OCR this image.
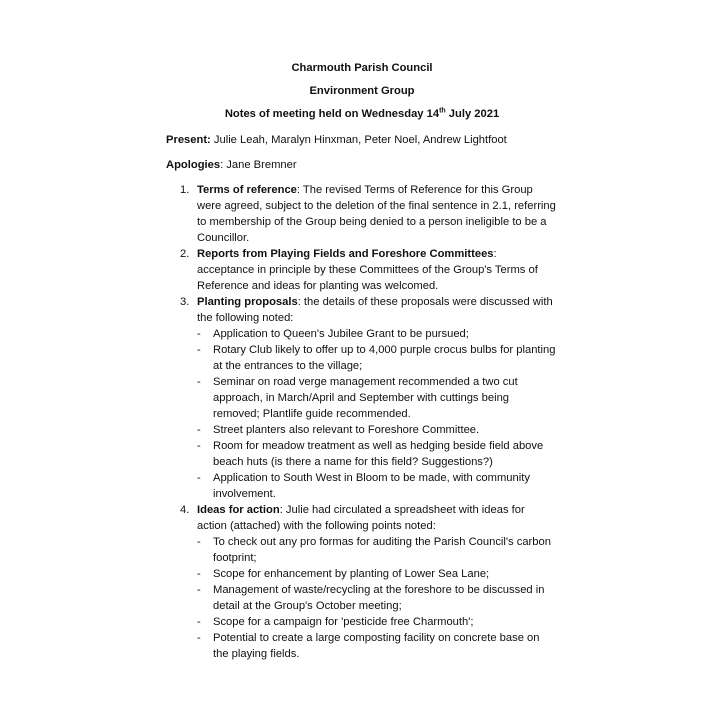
Charmouth Parish Council

Environment Group

Notes of meeting held on Wednesday 14th July 2021

Present: Julie Leah, Maralyn Hinxman, Peter Noel, Andrew Lightfoot

Apologies: Jane Bremner

1. Terms of reference: The revised Terms of Reference for this Group were agreed, subject to the deletion of the final sentence in 2.1, referring to membership of the Group being denied to a person ineligible to be a Councillor.
2. Reports from Playing Fields and Foreshore Committees: acceptance in principle by these Committees of the Group's Terms of Reference and ideas for planting was welcomed.
3. Planting proposals: the details of these proposals were discussed with the following noted:
- Application to Queen's Jubilee Grant to be pursued;
- Rotary Club likely to offer up to 4,000 purple crocus bulbs for planting at the entrances to the village;
- Seminar on road verge management recommended a two cut approach, in March/April and September with cuttings being removed; Plantlife guide recommended.
- Street planters also relevant to Foreshore Committee.
- Room for meadow treatment as well as hedging beside field above beach huts (is there a name for this field? Suggestions?)
- Application to South West in Bloom to be made, with community involvement.
4. Ideas for action: Julie had circulated a spreadsheet with ideas for action (attached) with the following points noted:
- To check out any pro formas for auditing the Parish Council's carbon footprint;
- Scope for enhancement by planting of Lower Sea Lane;
- Management of waste/recycling at the foreshore to be discussed in detail at the Group's October meeting;
- Scope for a campaign for 'pesticide free Charmouth';
- Potential to create a large composting facility on concrete base on the playing fields.
